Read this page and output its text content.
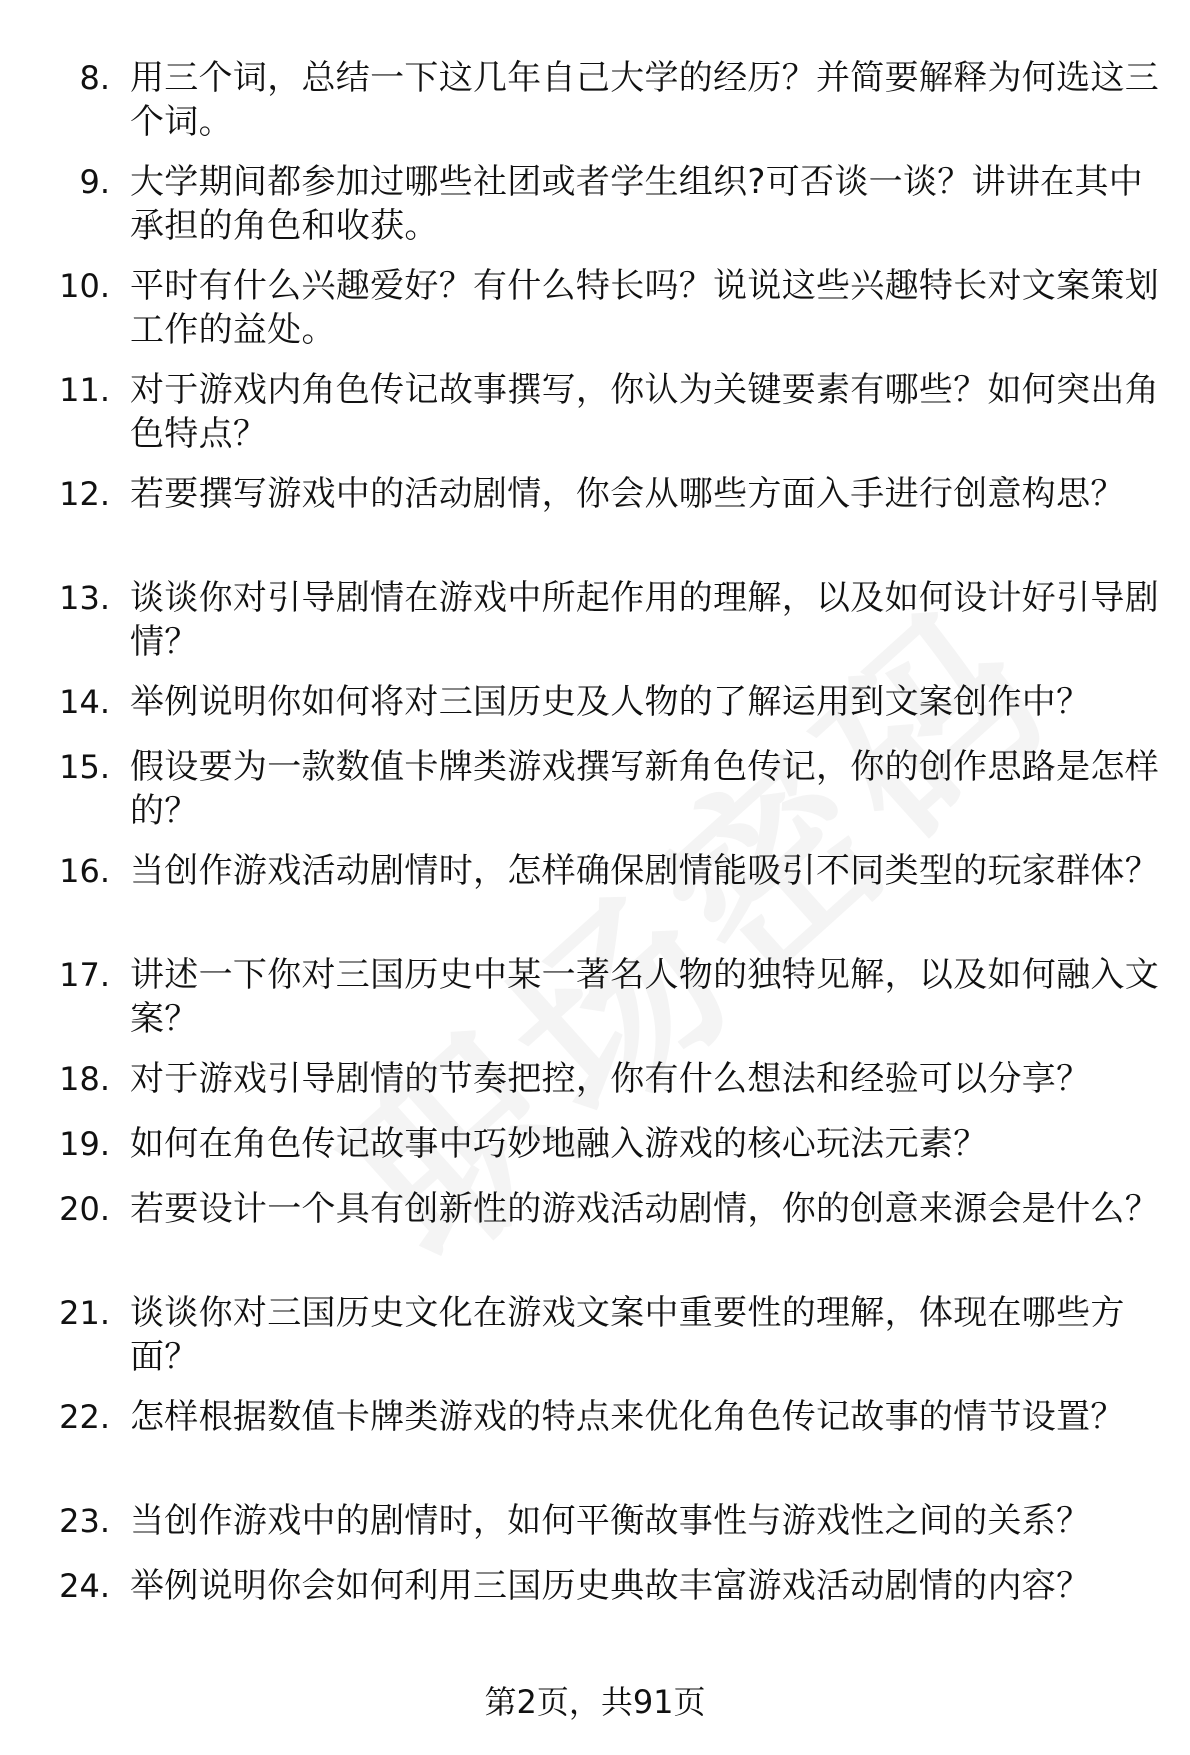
8. 用三个词，总结一下这几年自己大学的经历？并简要解释为何选这三个词。
9. 大学期间都参加过哪些社团或者学生组织?可否谈一谈？讲讲在其中承担的角色和收获。
10. 平时有什么兴趣爱好？有什么特长吗？说说这些兴趣特长对文案策划工作的益处。
11. 对于游戏内角色传记故事撰写，你认为关键要素有哪些？如何突出角色特点？
12. 若要撰写游戏中的活动剧情，你会从哪些方面入手进行创意构思？
13. 谈谈你对引导剧情在游戏中所起作用的理解，以及如何设计好引导剧情？
14. 举例说明你如何将对三国历史及人物的了解运用到文案创作中？
15. 假设要为一款数值卡牌类游戏撰写新角色传记，你的创作思路是怎样的？
16. 当创作游戏活动剧情时，怎样确保剧情能吸引不同类型的玩家群体？
17. 讲述一下你对三国历史中某一著名人物的独特见解，以及如何融入文案？
18. 对于游戏引导剧情的节奏把控，你有什么想法和经验可以分享？
19. 如何在角色传记故事中巧妙地融入游戏的核心玩法元素？
20. 若要设计一个具有创新性的游戏活动剧情，你的创意来源会是什么？
21. 谈谈你对三国历史文化在游戏文案中重要性的理解，体现在哪些方面？
22. 怎样根据数值卡牌类游戏的特点来优化角色传记故事的情节设置？
23. 当创作游戏中的剧情时，如何平衡故事性与游戏性之间的关系？
24. 举例说明你会如何利用三国历史典故丰富游戏活动剧情的内容？
第2页，共91页
